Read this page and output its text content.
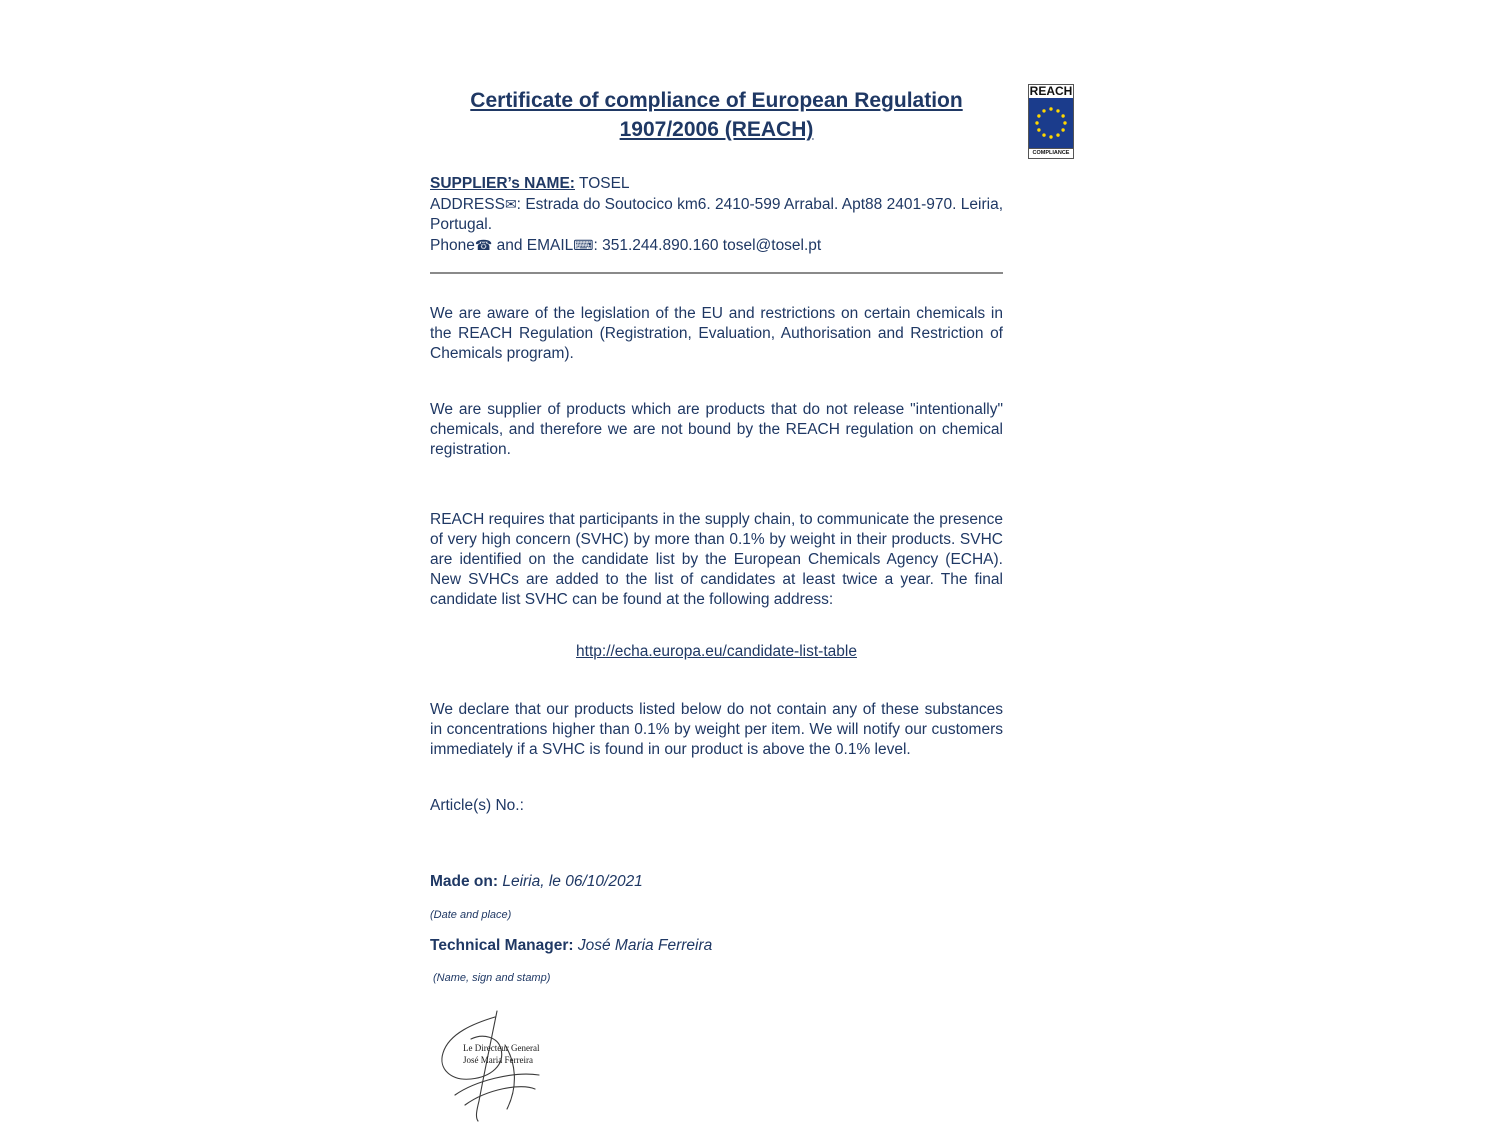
REACH
COMPLIANCE
Certificate of compliance of European Regulation
1907/2006 (REACH)

SUPPLIER’s NAME: TOSEL

ADDRESS✉: Estrada do Soutocico km6. 2410-599 Arrabal. Apt88 2401-970. Leiria, Portugal.

Phone☎ and EMAIL⌨: 351.244.890.160 tosel@tosel.pt

We are aware of the legislation of the EU and restrictions on certain chemicals in the REACH Regulation (Registration, Evaluation, Authorisation and Restriction of Chemicals program).

We are supplier of products which are products that do not release "intentionally" chemicals, and therefore we are not bound by the REACH regulation on chemical registration.

REACH requires that participants in the supply chain, to communicate the presence of very high concern (SVHC) by more than 0.1% by weight in their products. SVHC are identified on the candidate list by the European Chemicals Agency (ECHA). New SVHCs are added to the list of candidates at least twice a year. The final candidate list SVHC can be found at the following address:

http://echa.europa.eu/candidate-list-table

We declare that our products listed below do not contain any of these substances in concentrations higher than 0.1% by weight per item. We will notify our customers immediately if a SVHC is found in our product is above the 0.1% level.

Article(s) No.:

Made on: Leiria, le 06/10/2021

(Date and place)

Technical Manager: José Maria Ferreira

(Name, sign and stamp)

Le Directeur General
José Maria Ferreira
